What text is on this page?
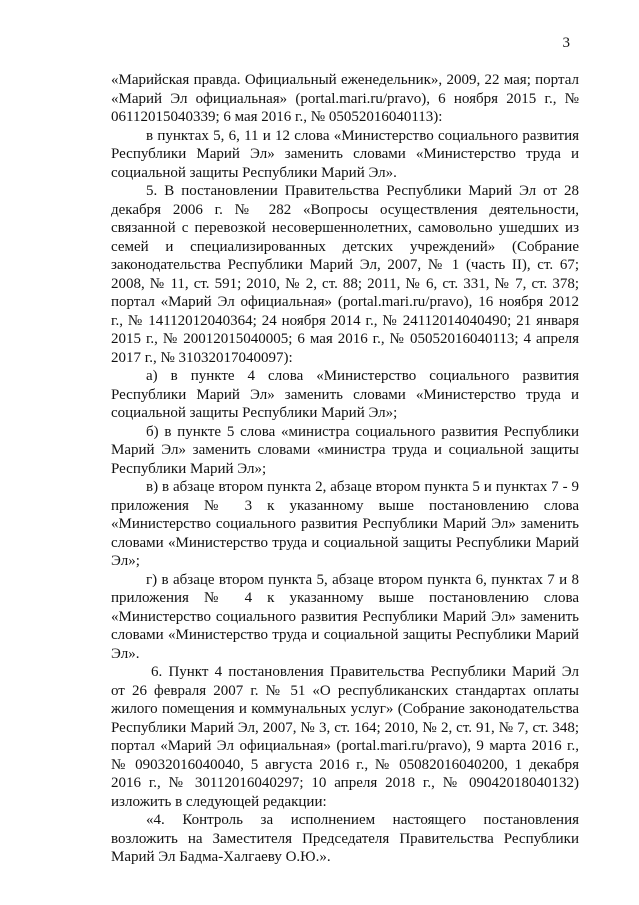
3

«Марийская правда. Официальный еженедельник», 2009, 22 мая; портал «Марий Эл официальная» (portal.mari.ru/pravo), 6 ноября 2015 г., № 06112015040339; 6 мая 2016 г., № 05052016040113):

в пунктах 5, 6, 11 и 12 слова «Министерство социального развития Республики Марий Эл» заменить словами «Министерство труда и социальной защиты Республики Марий Эл».

5. В постановлении Правительства Республики Марий Эл от 28 декабря 2006 г. № 282 «Вопросы осуществления деятельности, связанной с перевозкой несовершеннолетних, самовольно ушедших из семей и специализированных детских учреждений» (Собрание законодательства Республики Марий Эл, 2007, № 1 (часть II), ст. 67; 2008, № 11, ст. 591; 2010, № 2, ст. 88; 2011, № 6, ст. 331, № 7, ст. 378; портал «Марий Эл официальная» (portal.mari.ru/pravo), 16 ноября 2012 г., № 14112012040364; 24 ноября 2014 г., № 24112014040490; 21 января 2015 г., № 20012015040005; 6 мая 2016 г., № 05052016040113; 4 апреля 2017 г., № 31032017040097):

а) в пункте 4 слова «Министерство социального развития Республики Марий Эл» заменить словами «Министерство труда и социальной защиты Республики Марий Эл»;

б) в пункте 5 слова «министра социального развития Республики Марий Эл» заменить словами «министра труда и социальной защиты Республики Марий Эл»;

в) в абзаце втором пункта 2, абзаце втором пункта 5 и пунктах 7 - 9 приложения № 3 к указанному выше постановлению слова «Министерство социального развития Республики Марий Эл» заменить словами «Министерство труда и социальной защиты Республики Марий Эл»;

г) в абзаце втором пункта 5, абзаце втором пункта 6, пунктах 7 и 8 приложения № 4 к указанному выше постановлению слова «Министерство социального развития Республики Марий Эл» заменить словами «Министерство труда и социальной защиты Республики Марий Эл».

6. Пункт 4 постановления Правительства Республики Марий Эл от 26 февраля 2007 г. № 51 «О республиканских стандартах оплаты жилого помещения и коммунальных услуг» (Собрание законодательства Республики Марий Эл, 2007, № 3, ст. 164; 2010, № 2, ст. 91, № 7, ст. 348; портал «Марий Эл официальная» (portal.mari.ru/pravo), 9 марта 2016 г., № 09032016040040, 5 августа 2016 г., № 05082016040200, 1 декабря 2016 г., № 30112016040297; 10 апреля 2018 г., № 09042018040132) изложить в следующей редакции:

«4. Контроль за исполнением настоящего постановления возложить на Заместителя Председателя Правительства Республики Марий Эл Бадма-Халгаеву О.Ю.».
